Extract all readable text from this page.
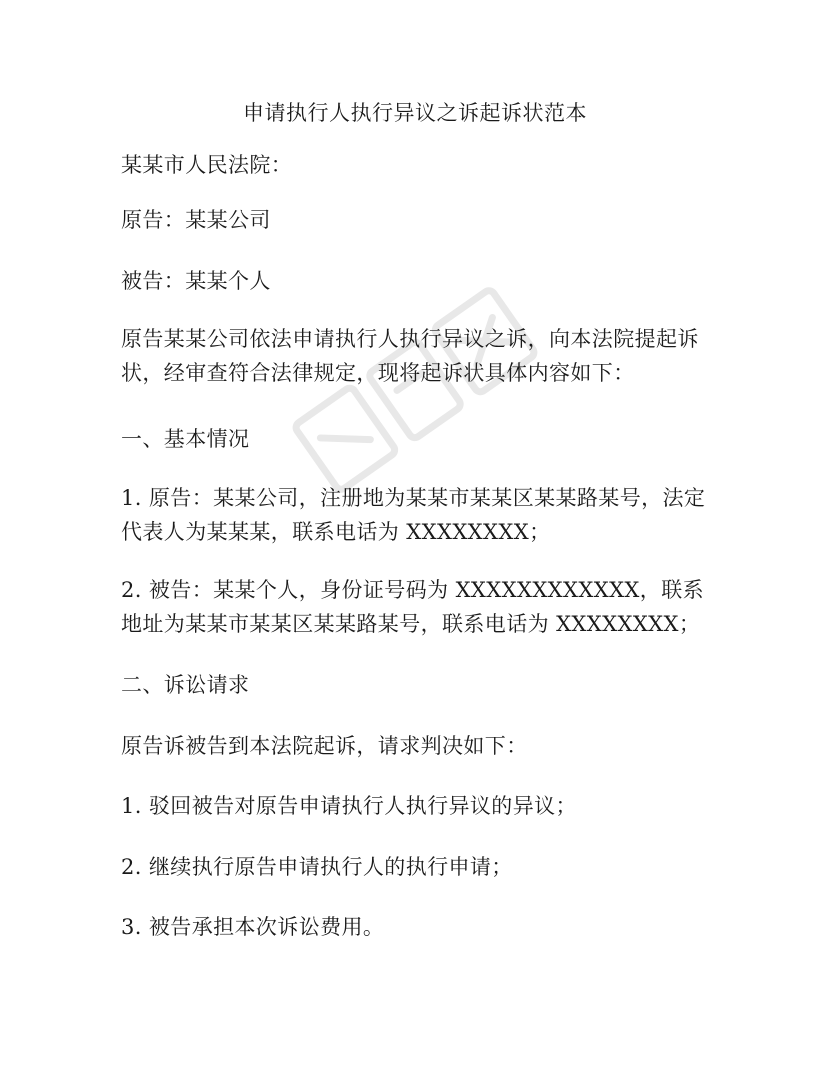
申请执行人执行异议之诉起诉状范本
某某市人民法院：
原告：某某公司
被告：某某个人
原告某某公司依法申请执行人执行异议之诉，向本法院提起诉
状，经审查符合法律规定，现将起诉状具体内容如下：
一、基本情况
1. 原告：某某公司，注册地为某某市某某区某某路某号，法定
代表人为某某某，联系电话为 XXXXXXXX；
2. 被告：某某个人，身份证号码为 XXXXXXXXXXXX，联系
地址为某某市某某区某某路某号，联系电话为 XXXXXXXX；
二、诉讼请求
原告诉被告到本法院起诉，请求判决如下：
1. 驳回被告对原告申请执行人执行异议的异议；
2. 继续执行原告申请执行人的执行申请；
3. 被告承担本次诉讼费用。
